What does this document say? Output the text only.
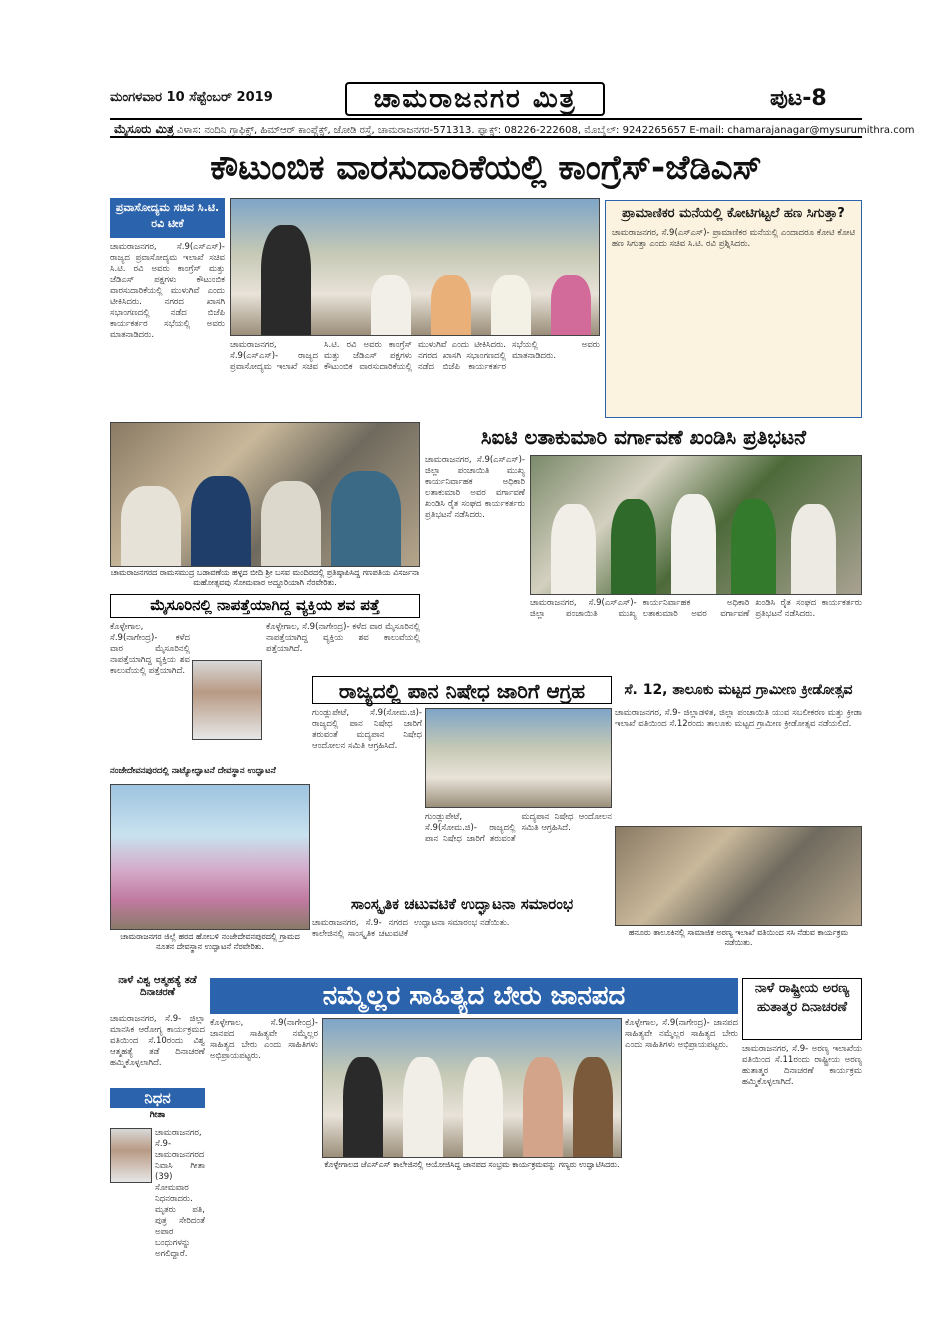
ಮಂಗಳವಾರ 10 ಸೆಪ್ಟೆಂಬರ್ 2019	ಚಾಮರಾಜನಗರ ಮಿತ್ರ	ಪುಟ-8
ಮೈಸೂರು ಮಿತ್ರ ವಿಳಾಸ: ನಂದಿನಿ ಗ್ರಾಫಿಕ್ಸ್, ಹಿಮ್‌ಆರ್ ಕಾಂಪ್ಲೆಕ್ಸ್, ಜೋಡಿ ರಸ್ತೆ, ಚಾಮರಾಜನಗರ-571313. ಫ್ಯಾಕ್ಸ್: 08226-222608, ಮೊಬೈಲ್: 9242265657 E-mail: chamarajanagar@mysurumithra.com
ಕೌಟುಂಬಿಕ ವಾರಸುದಾರಿಕೆಯಲ್ಲಿ ಕಾಂಗ್ರೆಸ್-ಜೆಡಿಎಸ್
ಪ್ರವಾಸೋದ್ಯಮ ಸಚಿವ ಸಿ.ಟಿ. ರವಿ ಟೀಕೆ
ಚಾಮರಾಜನಗರ, ಸೆ.9(ಎಸ್‌ಎಸ್)- ರಾಜ್ಯದ ಪ್ರವಾಸೋದ್ಯಮ ಇಲಾಖೆ ಸಚಿವ ಸಿ.ಟಿ. ರವಿ ಅವರು ಕಾಂಗ್ರೆಸ್ ಮತ್ತು ಜೆಡಿಎಸ್ ಪಕ್ಷಗಳು ಕೌಟುಂಬಿಕ ವಾರಸುದಾರಿಕೆಯಲ್ಲಿ ಮುಳುಗಿವೆ ಎಂದು ಟೀಕಿಸಿದರು. ನಗರದ ಖಾಸಗಿ ಸಭಾಂಗಣದಲ್ಲಿ ನಡೆದ ಬಿಜೆಪಿ ಕಾರ್ಯಕರ್ತರ ಸಭೆಯಲ್ಲಿ ಅವರು ಮಾತನಾಡಿದರು.
ಚಾಮರಾಜನಗರ, ಸೆ.9(ಎಸ್‌ಎಸ್)- ರಾಜ್ಯದ ಪ್ರವಾಸೋದ್ಯಮ ಇಲಾಖೆ ಸಚಿವ ಸಿ.ಟಿ. ರವಿ ಅವರು ಕಾಂಗ್ರೆಸ್ ಮತ್ತು ಜೆಡಿಎಸ್ ಪಕ್ಷಗಳು ಕೌಟುಂಬಿಕ ವಾರಸುದಾರಿಕೆಯಲ್ಲಿ ಮುಳುಗಿವೆ ಎಂದು ಟೀಕಿಸಿದರು. ನಗರದ ಖಾಸಗಿ ಸಭಾಂಗಣದಲ್ಲಿ ನಡೆದ ಬಿಜೆಪಿ ಕಾರ್ಯಕರ್ತರ ಸಭೆಯಲ್ಲಿ ಅವರು ಮಾತನಾಡಿದರು.
ಪ್ರಾಮಾಣಿಕರ ಮನೆಯಲ್ಲಿ ಕೋಟಿಗಟ್ಟಲೆ ಹಣ ಸಿಗುತ್ತಾ?
ಚಾಮರಾಜನಗರ, ಸೆ.9(ಎಸ್‌ಎಸ್)- ಪ್ರಾಮಾಣಿಕರ ಮನೆಯಲ್ಲಿ ಎಂದಾದರೂ ಕೋಟಿ ಕೋಟಿ ಹಣ ಸಿಗುತ್ತಾ ಎಂದು ಸಚಿವ ಸಿ.ಟಿ. ರವಿ ಪ್ರಶ್ನಿಸಿದರು.
ಚಾಮರಾಜನಗರದ ರಾಮಸಮುದ್ರ ಬಡಾವಣೆಯ ಹಳ್ಳದ ಬೀದಿ ಶ್ರೀ ಬಸವ ಮಂದಿರದಲ್ಲಿ ಪ್ರತಿಷ್ಠಾಪಿಸಿದ್ದ ಗಣಪತಿಯ ವಿಸರ್ಜನಾ ಮಹೋತ್ಸವವು ಸೋಮವಾರ ಅದ್ದೂರಿಯಾಗಿ ನೆರವೇರಿತು.
ಸಿಐಟಿ ಲತಾಕುಮಾರಿ ವರ್ಗಾವಣೆ ಖಂಡಿಸಿ ಪ್ರತಿಭಟನೆ
ಚಾಮರಾಜನಗರ, ಸೆ.9(ಎಸ್‌ಎಸ್)- ಜಿಲ್ಲಾ ಪಂಚಾಯಿತಿ ಮುಖ್ಯ ಕಾರ್ಯನಿರ್ವಾಹಕ ಅಧಿಕಾರಿ ಲತಾಕುಮಾರಿ ಅವರ ವರ್ಗಾವಣೆ ಖಂಡಿಸಿ ರೈತ ಸಂಘದ ಕಾರ್ಯಕರ್ತರು ಪ್ರತಿಭಟನೆ ನಡೆಸಿದರು.
ಚಾಮರಾಜನಗರ, ಸೆ.9(ಎಸ್‌ಎಸ್)- ಜಿಲ್ಲಾ ಪಂಚಾಯಿತಿ ಮುಖ್ಯ ಕಾರ್ಯನಿರ್ವಾಹಕ ಅಧಿಕಾರಿ ಲತಾಕುಮಾರಿ ಅವರ ವರ್ಗಾವಣೆ ಖಂಡಿಸಿ ರೈತ ಸಂಘದ ಕಾರ್ಯಕರ್ತರು ಪ್ರತಿಭಟನೆ ನಡೆಸಿದರು.
ಮೈಸೂರಿನಲ್ಲಿ ನಾಪತ್ತೆಯಾಗಿದ್ದ ವ್ಯಕ್ತಿಯ ಶವ ಪತ್ತೆ
ಕೊಳ್ಳೇಗಾಲ, ಸೆ.9(ನಾಗೇಂದ್ರ)- ಕಳೆದ ವಾರ ಮೈಸೂರಿನಲ್ಲಿ ನಾಪತ್ತೆಯಾಗಿದ್ದ ವ್ಯಕ್ತಿಯ ಶವ ಕಾಲುವೆಯಲ್ಲಿ ಪತ್ತೆಯಾಗಿದೆ.
ಕೊಳ್ಳೇಗಾಲ, ಸೆ.9(ನಾಗೇಂದ್ರ)- ಕಳೆದ ವಾರ ಮೈಸೂರಿನಲ್ಲಿ ನಾಪತ್ತೆಯಾಗಿದ್ದ ವ್ಯಕ್ತಿಯ ಶವ ಕಾಲುವೆಯಲ್ಲಿ ಪತ್ತೆಯಾಗಿದೆ.
ರಾಜ್ಯದಲ್ಲಿ ಪಾನ ನಿಷೇಧ ಜಾರಿಗೆ ಆಗ್ರಹ
ಗುಂಡ್ಲುಪೇಟೆ, ಸೆ.9(ಸೋಮ.ಜಿ)- ರಾಜ್ಯದಲ್ಲಿ ಪಾನ ನಿಷೇಧ ಜಾರಿಗೆ ತರುವಂತೆ ಮದ್ಯಪಾನ ನಿಷೇಧ ಆಂದೋಲನ ಸಮಿತಿ ಆಗ್ರಹಿಸಿದೆ.
ಗುಂಡ್ಲುಪೇಟೆ, ಸೆ.9(ಸೋಮ.ಜಿ)- ರಾಜ್ಯದಲ್ಲಿ ಪಾನ ನಿಷೇಧ ಜಾರಿಗೆ ತರುವಂತೆ ಮದ್ಯಪಾನ ನಿಷೇಧ ಆಂದೋಲನ ಸಮಿತಿ ಆಗ್ರಹಿಸಿದೆ.
ಸೆ. 12, ತಾಲೂಕು ಮಟ್ಟದ ಗ್ರಾಮೀಣ ಕ್ರೀಡೋತ್ಸವ
ಚಾಮರಾಜನಗರ, ಸೆ.9- ಜಿಲ್ಲಾಡಳಿತ, ಜಿಲ್ಲಾ ಪಂಚಾಯಿತಿ ಯುವ ಸಬಲೀಕರಣ ಮತ್ತು ಕ್ರೀಡಾ ಇಲಾಖೆ ವತಿಯಿಂದ ಸೆ.12ರಂದು ತಾಲೂಕು ಮಟ್ಟದ ಗ್ರಾಮೀಣ ಕ್ರೀಡೋತ್ಸವ ನಡೆಯಲಿದೆ.
ಹನೂರು ತಾಲೂಕಿನಲ್ಲಿ ಸಾಮಾಜಿಕ ಅರಣ್ಯ ಇಲಾಖೆ ವತಿಯಿಂದ ಸಸಿ ನೆಡುವ ಕಾರ್ಯಕ್ರಮ ನಡೆಯಿತು.
ನಂಜೇದೇವನಪುರದಲ್ಲಿ ನಾಟ್ಯೋದ್ಘಾಟನೆ ದೇವಸ್ಥಾನ ಉದ್ಘಾಟನೆ
ಚಾಮರಾಜನಗರ ಜಿಲ್ಲೆ ಹರದ ಹೋಬಳಿ ನಂಜೇದೇವನಪುರದಲ್ಲಿ ಗ್ರಾಮದ ನೂತನ ದೇವಸ್ಥಾನ ಉದ್ಘಾಟನೆ ನೆರವೇರಿತು.
ಸಾಂಸ್ಕೃತಿಕ ಚಟುವಟಿಕೆ ಉದ್ಘಾಟನಾ ಸಮಾರಂಭ
ಚಾಮರಾಜನಗರ, ಸೆ.9- ನಗರದ ಕಾಲೇಜಿನಲ್ಲಿ ಸಾಂಸ್ಕೃತಿಕ ಚಟುವಟಿಕೆ ಉದ್ಘಾಟನಾ ಸಮಾರಂಭ ನಡೆಯಿತು.
ನಾಳೆ ವಿಶ್ವ ಆತ್ಮಹತ್ಯೆ ತಡೆ ದಿನಾಚರಣೆ
ಚಾಮರಾಜನಗರ, ಸೆ.9- ಜಿಲ್ಲಾ ಮಾನಸಿಕ ಆರೋಗ್ಯ ಕಾರ್ಯಕ್ರಮದ ವತಿಯಿಂದ ಸೆ.10ರಂದು ವಿಶ್ವ ಆತ್ಮಹತ್ಯೆ ತಡೆ ದಿನಾಚರಣೆ ಹಮ್ಮಿಕೊಳ್ಳಲಾಗಿದೆ.
ನಿಧನ
ಗೀತಾ
ಚಾಮರಾಜನಗರ, ಸೆ.9- ಚಾಮರಾಜನಗರದ ನಿವಾಸಿ ಗೀತಾ (39) ಸೋಮವಾರ ನಿಧನರಾದರು. ಮೃತರು ಪತಿ, ಪುತ್ರ ಸೇರಿದಂತೆ ಅಪಾರ ಬಂಧುಗಳನ್ನು ಅಗಲಿದ್ದಾರೆ.
ನಮ್ಮೆಲ್ಲರ ಸಾಹಿತ್ಯದ ಬೇರು ಜಾನಪದ
ಕೊಳ್ಳೇಗಾಲ, ಸೆ.9(ನಾಗೇಂದ್ರ)- ಜಾನಪದ ಸಾಹಿತ್ಯವೇ ನಮ್ಮೆಲ್ಲರ ಸಾಹಿತ್ಯದ ಬೇರು ಎಂದು ಸಾಹಿತಿಗಳು ಅಭಿಪ್ರಾಯಪಟ್ಟರು.
ಕೊಳ್ಳೇಗಾಲದ ಜೆಎಸ್‌ಎಸ್ ಕಾಲೇಜಿನಲ್ಲಿ ಆಯೋಜಿಸಿದ್ದ ಜಾನಪದ ಸಂಭ್ರಮ ಕಾರ್ಯಕ್ರಮವನ್ನು ಗಣ್ಯರು ಉದ್ಘಾಟಿಸಿದರು.
ಕೊಳ್ಳೇಗಾಲ, ಸೆ.9(ನಾಗೇಂದ್ರ)- ಜಾನಪದ ಸಾಹಿತ್ಯವೇ ನಮ್ಮೆಲ್ಲರ ಸಾಹಿತ್ಯದ ಬೇರು ಎಂದು ಸಾಹಿತಿಗಳು ಅಭಿಪ್ರಾಯಪಟ್ಟರು.
ನಾಳೆ ರಾಷ್ಟ್ರೀಯ ಅರಣ್ಯ ಹುತಾತ್ಮರ ದಿನಾಚರಣೆ
ಚಾಮರಾಜನಗರ, ಸೆ.9- ಅರಣ್ಯ ಇಲಾಖೆಯ ವತಿಯಿಂದ ಸೆ.11ರಂದು ರಾಷ್ಟ್ರೀಯ ಅರಣ್ಯ ಹುತಾತ್ಮರ ದಿನಾಚರಣೆ ಕಾರ್ಯಕ್ರಮ ಹಮ್ಮಿಕೊಳ್ಳಲಾಗಿದೆ.
